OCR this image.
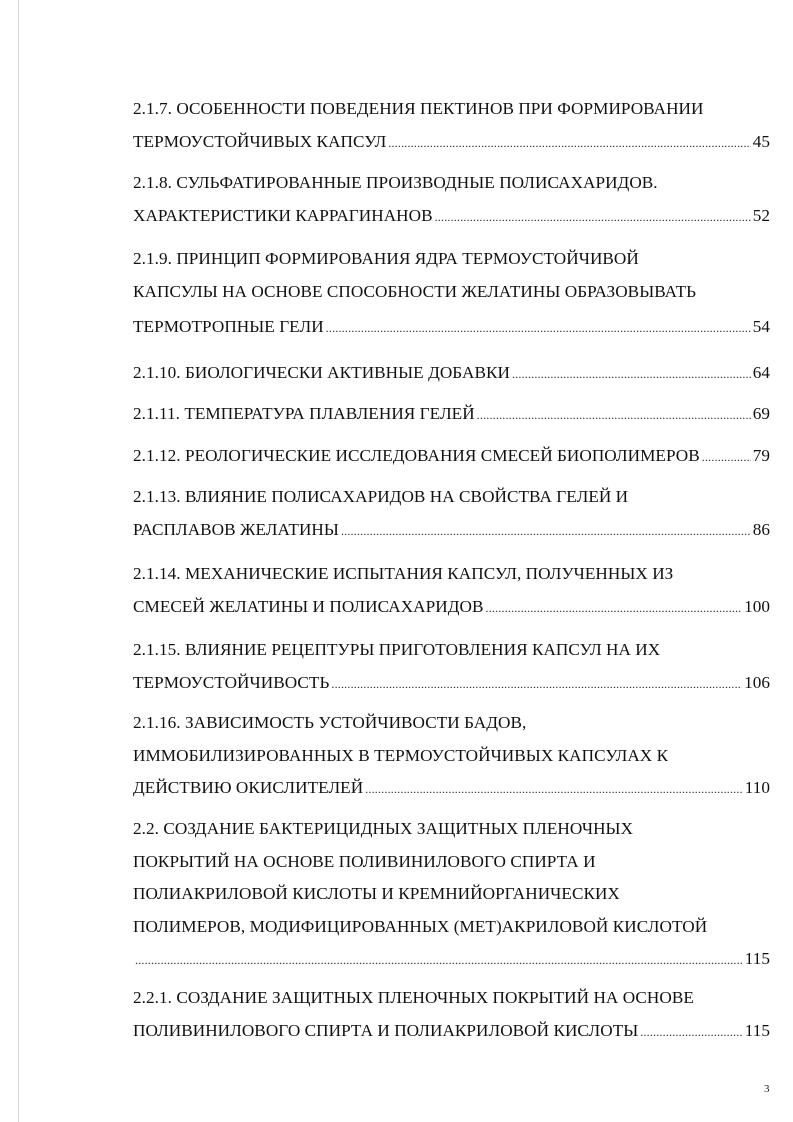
2.1.7. ОСОБЕННОСТИ ПОВЕДЕНИЯ ПЕКТИНОВ ПРИ ФОРМИРОВАНИИ
ТЕРМОУСТОЙЧИВЫХ КАПСУЛ .....	45
2.1.8. СУЛЬФАТИРОВАННЫЕ ПРОИЗВОДНЫЕ ПОЛИСАХАРИДОВ.
ХАРАКТЕРИСТИКИ КАРРАГИНАНОВ .....	52
2.1.9. ПРИНЦИП ФОРМИРОВАНИЯ ЯДРА ТЕРМОУСТОЙЧИВОЙ
КАПСУЛЫ НА ОСНОВЕ СПОСОБНОСТИ ЖЕЛАТИНЫ ОБРАЗОВЫВАТЬ
ТЕРМОТРОПНЫЕ ГЕЛИ .....	54
2.1.10. БИОЛОГИЧЕСКИ АКТИВНЫЕ ДОБАВКИ .....	64
2.1.11. ТЕМПЕРАТУРА ПЛАВЛЕНИЯ ГЕЛЕЙ .....	69
2.1.12. РЕОЛОГИЧЕСКИЕ ИССЛЕДОВАНИЯ СМЕСЕЙ БИОПОЛИМЕРОВ .....	79
2.1.13. ВЛИЯНИЕ ПОЛИСАХАРИДОВ НА СВОЙСТВА ГЕЛЕЙ И
РАСПЛАВОВ ЖЕЛАТИНЫ .....	86
2.1.14. МЕХАНИЧЕСКИЕ ИСПЫТАНИЯ КАПСУЛ, ПОЛУЧЕННЫХ ИЗ
СМЕСЕЙ ЖЕЛАТИНЫ И ПОЛИСАХАРИДОВ .....	100
2.1.15. ВЛИЯНИЕ РЕЦЕПТУРЫ ПРИГОТОВЛЕНИЯ КАПСУЛ НА ИХ
ТЕРМОУСТОЙЧИВОСТЬ .....	106
2.1.16. ЗАВИСИМОСТЬ УСТОЙЧИВОСТИ БАДОВ,
ИММОБИЛИЗИРОВАННЫХ В ТЕРМОУСТОЙЧИВЫХ КАПСУЛАХ К
ДЕЙСТВИЮ ОКИСЛИТЕЛЕЙ .....	110
2.2. СОЗДАНИЕ БАКТЕРИЦИДНЫХ ЗАЩИТНЫХ ПЛЕНОЧНЫХ
ПОКРЫТИЙ НА ОСНОВЕ ПОЛИВИНИЛОВОГО СПИРТА И
ПОЛИАКРИЛОВОЙ КИСЛОТЫ И КРЕМНИЙОРГАНИЧЕСКИХ
ПОЛИМЕРОВ, МОДИФИЦИРОВАННЫХ (МЕТ)АКРИЛОВОЙ КИСЛОТОЙ
.....
115
2.2.1. СОЗДАНИЕ ЗАЩИТНЫХ ПЛЕНОЧНЫХ ПОКРЫТИЙ НА ОСНОВЕ
ПОЛИВИНИЛОВОГО СПИРТА И ПОЛИАКРИЛОВОЙ КИСЛОТЫ .....	115
3
